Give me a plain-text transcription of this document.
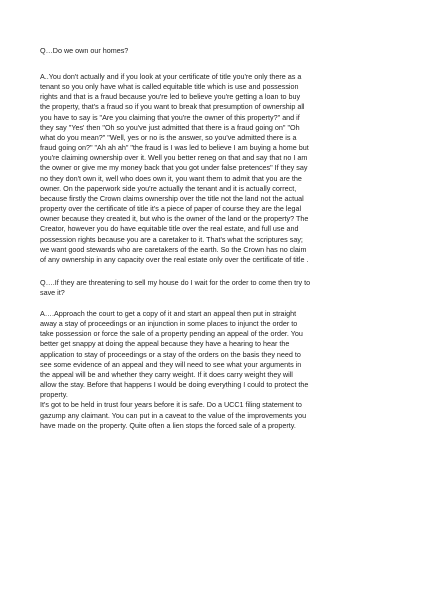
Q…Do we own our homes?
A..You don't actually and if you look at your certificate of title you're only there as a
tenant so you only have what is called equitable title which is use and possession
rights and that is a fraud because you're led to believe you're getting a loan to buy
the property, that's a fraud so if you want to break that presumption of ownership all
you have to say is "Are you claiming that you're the owner of this property?" and if
they say "Yes' then "Oh so you've just admitted that there is a fraud going on" "Oh
what do you mean?" "Well, yes or no is the answer, so you've admitted there is a
fraud going on?" "Ah ah ah" "the fraud is I was led to believe I am buying a home but
you're claiming ownership over it. Well you better reneg on that and say that no I am
the owner or give me my money back that you got under false pretences" If they say
no they don't own it, well who does own it, you want them to admit that you are the
owner. On the paperwork side you're actually the tenant and it is actually correct,
because firstly the Crown claims ownership over the title not the land not the actual
property over the certificate of title it's a piece of paper of course they are the legal
owner because they created it, but who is the owner of the land or the property? The
Creator, however you do have equitable title over the real estate, and full use and
possession rights because you are a caretaker to it. That's what the scriptures say;
we want good stewards who are caretakers of the earth. So the Crown has no claim
of any ownership in any capacity over the real estate only over the certificate of title .
Q….If they are threatening to sell my house do I wait for the order to come then try to
save it?
A….Approach the court to get a copy of it and start an appeal then put in straight
away a stay of proceedings or an injunction in some places to injunct the order to
take possession or force the sale of a property pending an appeal of the order. You
better get snappy at doing the appeal because they have a hearing to hear the
application to stay of proceedings or a stay of the orders on the basis they need to
see some evidence of an appeal and they will need to see what your arguments in
the appeal will be and whether they carry weight. If it does carry weight they will
allow the stay. Before that happens I would be doing everything I could to protect the
property.
It's got to be held in trust four years before it is safe. Do a UCC1 filing statement to
gazump any claimant. You can put in a caveat to the value of the improvements you
have made on the property. Quite often a lien stops the forced sale of a property.
